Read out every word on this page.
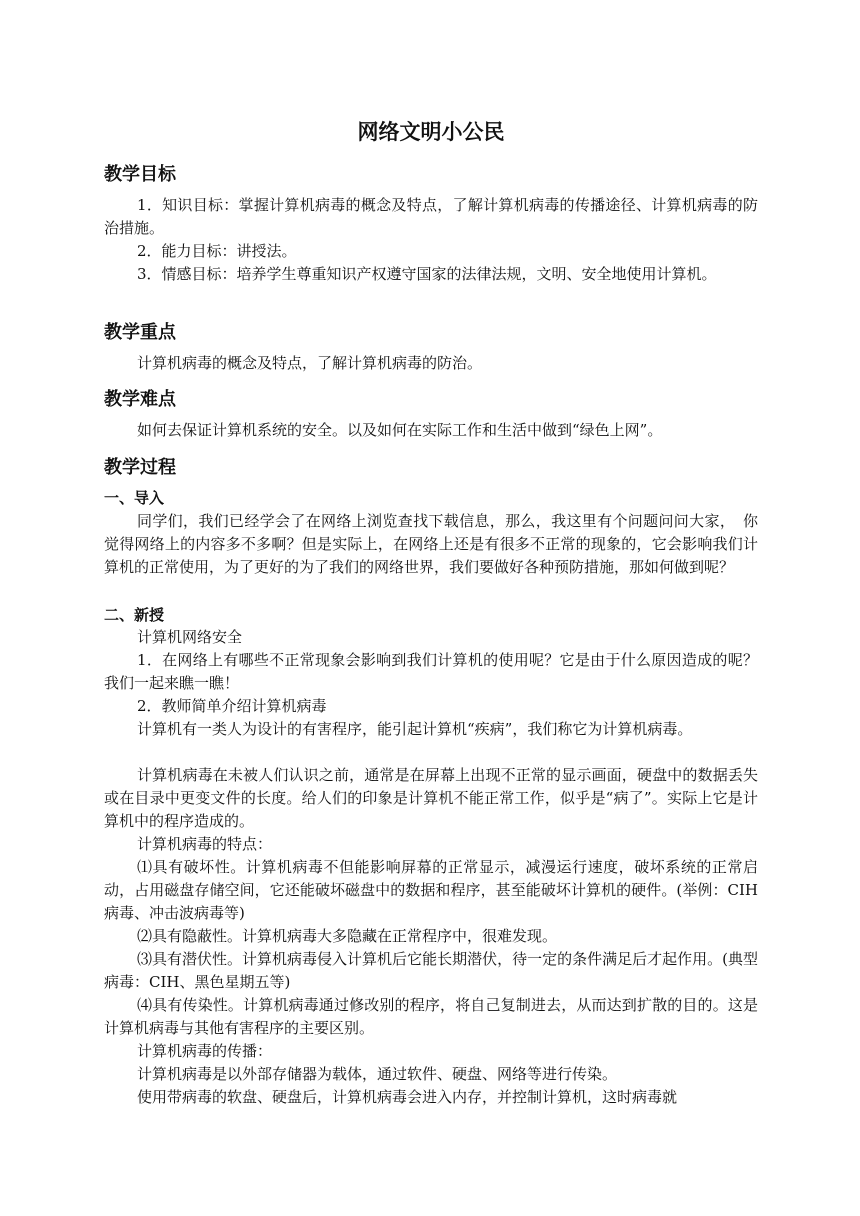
网络文明小公民
教学目标

1．知识目标：掌握计算机病毒的概念及特点，了解计算机病毒的传播途径、计算机病毒的防治措施。

2．能力目标：讲授法。

3．情感目标：培养学生尊重知识产权遵守国家的法律法规，文明、安全地使用计算机。

教学重点

计算机病毒的概念及特点，了解计算机病毒的防治。

教学难点

如何去保证计算机系统的安全。以及如何在实际工作和生活中做到“绿色上网”。

教学过程
一、导入

同学们，我们已经学会了在网络上浏览查找下载信息，那么，我这里有个问题问问大家，　你觉得网络上的内容多不多啊？但是实际上，在网络上还是有很多不正常的现象的，它会影响我们计算机的正常使用，为了更好的为了我们的网络世界，我们要做好各种预防措施，那如何做到呢？

二、新授

计算机网络安全

1．在网络上有哪些不正常现象会影响到我们计算机的使用呢？它是由于什么原因造成的呢？我们一起来瞧一瞧！

2．教师简单介绍计算机病毒

计算机有一类人为设计的有害程序，能引起计算机“疾病”，我们称它为计算机病毒。

计算机病毒在未被人们认识之前，通常是在屏幕上出现不正常的显示画面，硬盘中的数据丢失或在目录中更变文件的长度。给人们的印象是计算机不能正常工作，似乎是“病了”。实际上它是计算机中的程序造成的。

计算机病毒的特点：

⑴具有破坏性。计算机病毒不但能影响屏幕的正常显示，减漫运行速度，破坏系统的正常启动，占用磁盘存储空间，它还能破坏磁盘中的数据和程序，甚至能破坏计算机的硬件。(举例：CIH病毒、冲击波病毒等)

⑵具有隐蔽性。计算机病毒大多隐藏在正常程序中，很难发现。

⑶具有潜伏性。计算机病毒侵入计算机后它能长期潜伏，待一定的条件满足后才起作用。(典型病毒：CIH、黑色星期五等)

⑷具有传染性。计算机病毒通过修改别的程序，将自己复制进去，从而达到扩散的目的。这是计算机病毒与其他有害程序的主要区别。

计算机病毒的传播：

计算机病毒是以外部存储器为载体，通过软件、硬盘、网络等进行传染。

使用带病毒的软盘、硬盘后，计算机病毒会进入内存，并控制计算机，这时病毒就
